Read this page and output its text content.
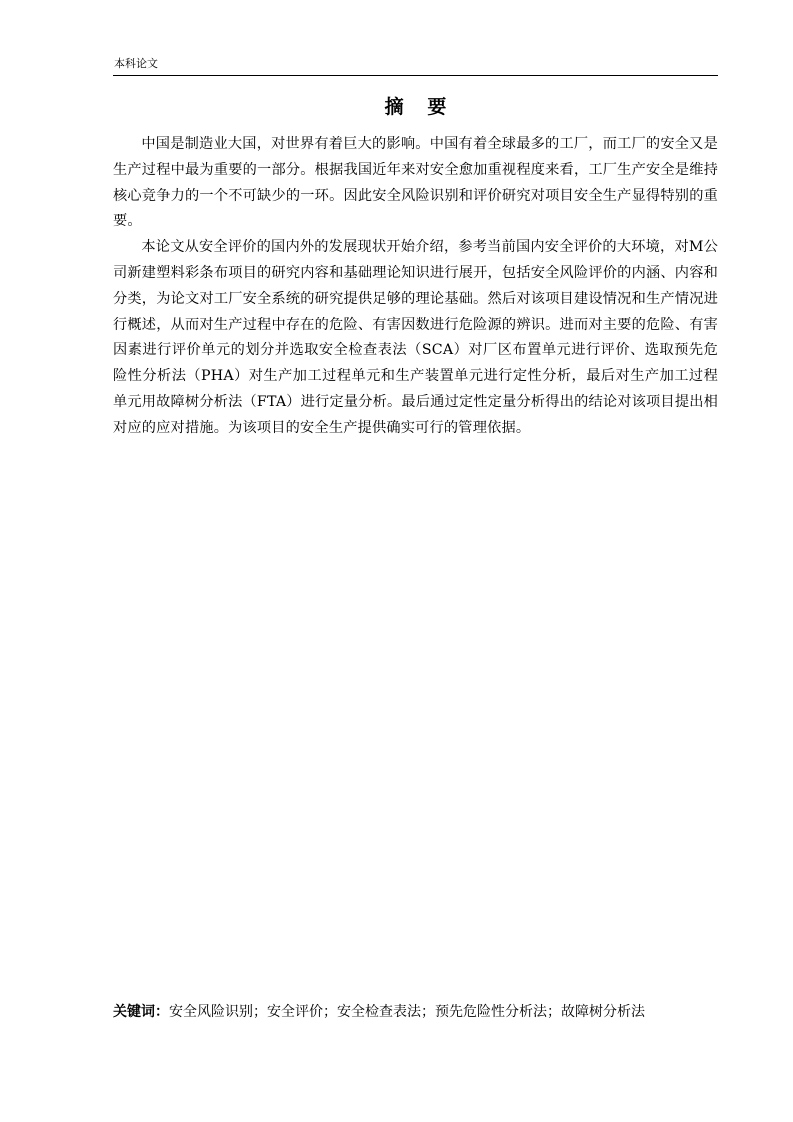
本科论文
摘 要

中国是制造业大国，对世界有着巨大的影响。中国有着全球最多的工厂，而工厂的安全又是生产过程中最为重要的一部分。根据我国近年来对安全愈加重视程度来看，工厂生产安全是维持核心竞争力的一个不可缺少的一环。因此安全风险识别和评价研究对项目安全生产显得特别的重要。

本论文从安全评价的国内外的发展现状开始介绍，参考当前国内安全评价的大环境，对M公司新建塑料彩条布项目的研究内容和基础理论知识进行展开，包括安全风险评价的内涵、内容和分类，为论文对工厂安全系统的研究提供足够的理论基础。然后对该项目建设情况和生产情况进行概述，从而对生产过程中存在的危险、有害因数进行危险源的辨识。进而对主要的危险、有害因素进行评价单元的划分并选取安全检查表法（SCA）对厂区布置单元进行评价、选取预先危险性分析法（PHA）对生产加工过程单元和生产装置单元进行定性分析，最后对生产加工过程单元用故障树分析法（FTA）进行定量分析。最后通过定性定量分析得出的结论对该项目提出相对应的应对措施。为该项目的安全生产提供确实可行的管理依据。

关键词：安全风险识别；安全评价；安全检查表法；预先危险性分析法；故障树分析法
